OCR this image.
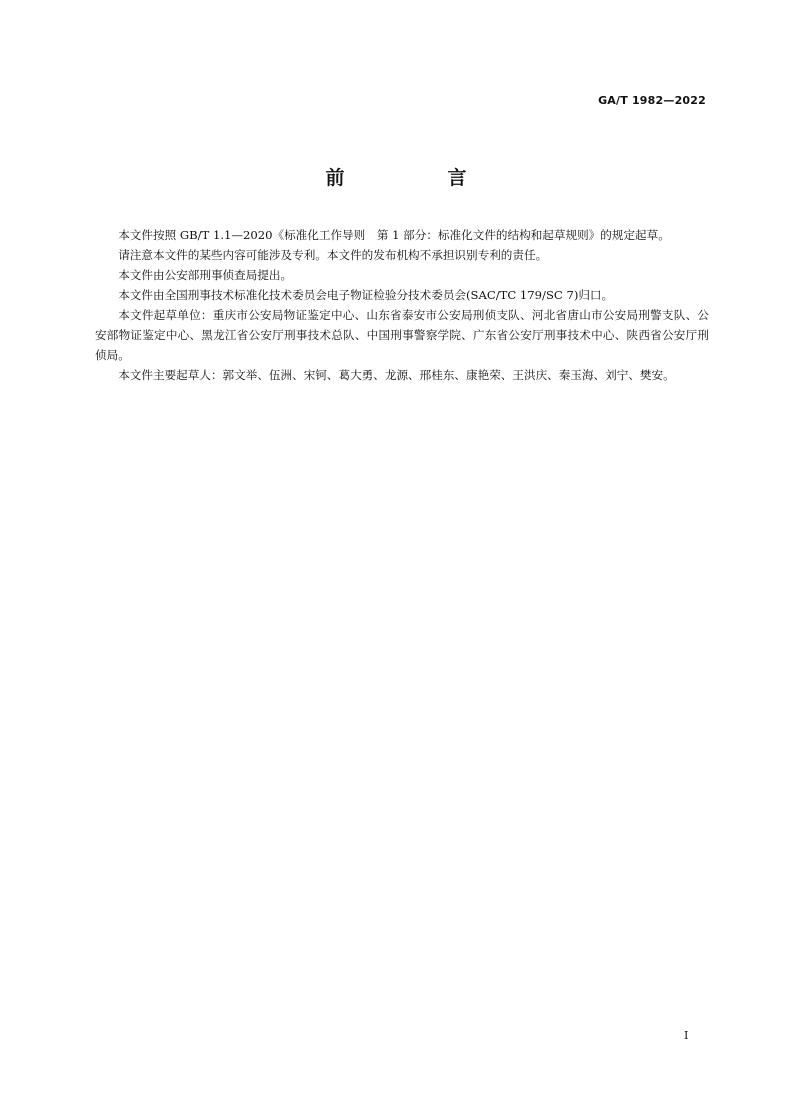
GA/T 1982—2022
前　言

本文件按照 GB/T 1.1—2020《标准化工作导则　第 1 部分：标准化文件的结构和起草规则》的规定起草。

请注意本文件的某些内容可能涉及专利。本文件的发布机构不承担识别专利的责任。

本文件由公安部刑事侦查局提出。

本文件由全国刑事技术标准化技术委员会电子物证检验分技术委员会(SAC/TC 179/SC 7)归口。

本文件起草单位：重庆市公安局物证鉴定中心、山东省泰安市公安局刑侦支队、河北省唐山市公安局刑警支队、公安部物证鉴定中心、黑龙江省公安厅刑事技术总队、中国刑事警察学院、广东省公安厅刑事技术中心、陕西省公安厅刑侦局。

本文件主要起草人：郭文举、伍洲、宋钶、葛大勇、龙源、邢桂东、康艳荣、王洪庆、秦玉海、刘宁、樊安。

I
